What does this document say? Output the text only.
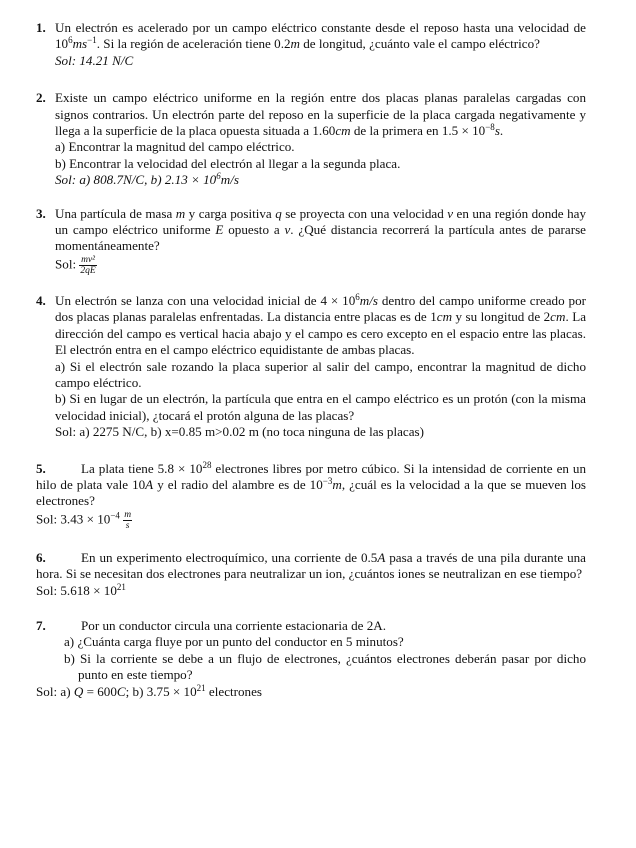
1. Un electrón es acelerado por un campo eléctrico constante desde el reposo hasta una velocidad de $10^6ms^{-1}$. Si la región de aceleración tiene 0.2m de longitud, ¿cuánto vale el campo eléctrico?

Sol: 14.21 N/C

2. Existe un campo eléctrico uniforme en la región entre dos placas planas paralelas cargadas con signos contrarios. Un electrón parte del reposo en la superficie de la placa cargada negativamente y llega a la superficie de la placa opuesta situada a 1.60cm de la primera en $1.5 \times 10^{-8}s$.

a) Encontrar la magnitud del campo eléctrico.

b) Encontrar la velocidad del electrón al llegar a la segunda placa.

Sol: a) 808.7N/C, b) $2.13 \times 10^6m/s$

3. Una partícula de masa m y carga positiva q se proyecta con una velocidad v en una región donde hay un campo eléctrico uniforme E opuesto a v. ¿Qué distancia recorrerá la partícula antes de pararse momentáneamente?

Sol: $\frac{\text{mv²}}{2qE}$

4. Un electrón se lanza con una velocidad inicial de $4 \times 10^6m/s$ dentro del campo uniforme creado por dos placas planas paralelas enfrentadas. La distancia entre placas es de 1cm y su longitud de 2cm. La dirección del campo es vertical hacia abajo y el campo es cero excepto en el espacio entre las placas. El electrón entra en el campo eléctrico equidistante de ambas placas.

a) Si el electrón sale rozando la placa superior al salir del campo, encontrar la magnitud de dicho campo eléctrico.

b) Si en lugar de un electrón, la partícula que entra en el campo eléctrico es un protón (con la misma velocidad inicial), ¿tocará el protón alguna de las placas?

Sol: a) 2275 N/C, b) x=0.85 m>0.02 m (no toca ninguna de las placas)

5.	La plata tiene $5.8 \times 10^{28}$ electrones libres por metro cúbico. Si la intensidad de corriente en un hilo de plata vale 10A y el radio del alambre es de $10^{-3}m$, ¿cuál es la velocidad a la que se mueven los electrones?

Sol: $3.43 \times 10^{-4} \frac{m}{s}$

6.	En un experimento electroquímico, una corriente de 0.5A pasa a través de una pila durante una hora. Si se necesitan dos electrones para neutralizar un ion, ¿cuántos iones se neutralizan en ese tiempo?

Sol: $5.618 \times 10^{21}$

7.	Por un conductor circula una corriente estacionaria de 2A.

a) ¿Cuánta carga fluye por un punto del conductor en 5 minutos?

b) Si la corriente se debe a un flujo de electrones, ¿cuántos electrones deberán pasar por dicho punto en este tiempo?

Sol: a) Q = 600C; b) $3.75 \times 10^{21}$ electrones
